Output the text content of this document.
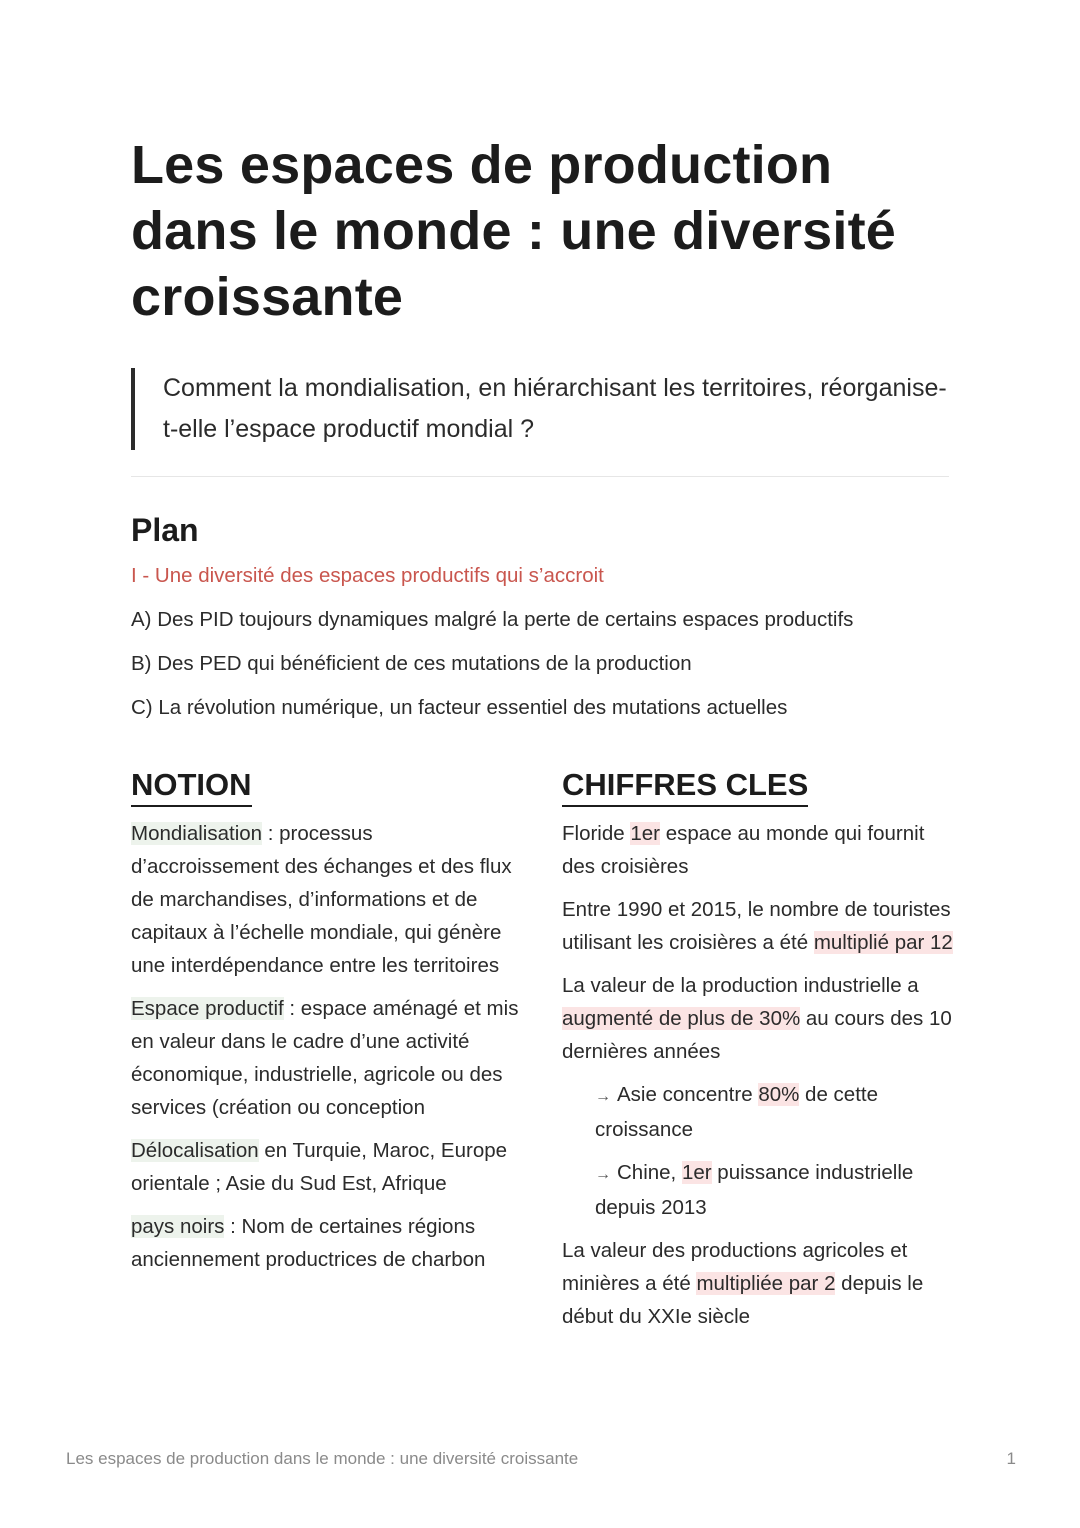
Les espaces de production dans le monde : une diversité croissante
Comment la mondialisation, en hiérarchisant les territoires, réorganise-t-elle l’espace productif mondial ?
Plan
I - Une diversité des espaces productifs qui s’accroit
A) Des PID toujours dynamiques malgré la perte de certains espaces productifs
B) Des PED qui bénéficient de ces mutations de la production
C) La révolution numérique, un facteur essentiel des mutations actuelles
NOTION

Mondialisation : processus d’accroissement des échanges et des flux de marchandises, d’informations et de capitaux à l’échelle mondiale, qui génère une interdépendance entre les territoires

Espace productif : espace aménagé et mis en valeur dans le cadre d’une activité économique, industrielle, agricole ou des services (création ou conception

Délocalisation en Turquie, Maroc, Europe orientale ; Asie du Sud Est, Afrique

pays noirs : Nom de certaines régions anciennement productrices de charbon

CHIFFRES CLES

Floride 1er espace au monde qui fournit des croisières

Entre 1990 et 2015, le nombre de touristes utilisant les croisières a été multiplié par 12

La valeur de la production industrielle a augmenté de plus de 30% au cours des 10 dernières années

→ Asie concentre 80% de cette croissance

→ Chine, 1er puissance industrielle depuis 2013

La valeur des productions agricoles et minières a été multipliée par 2 depuis le début du XXIe siècle

Les espaces de production dans le monde : une diversité croissante	1
